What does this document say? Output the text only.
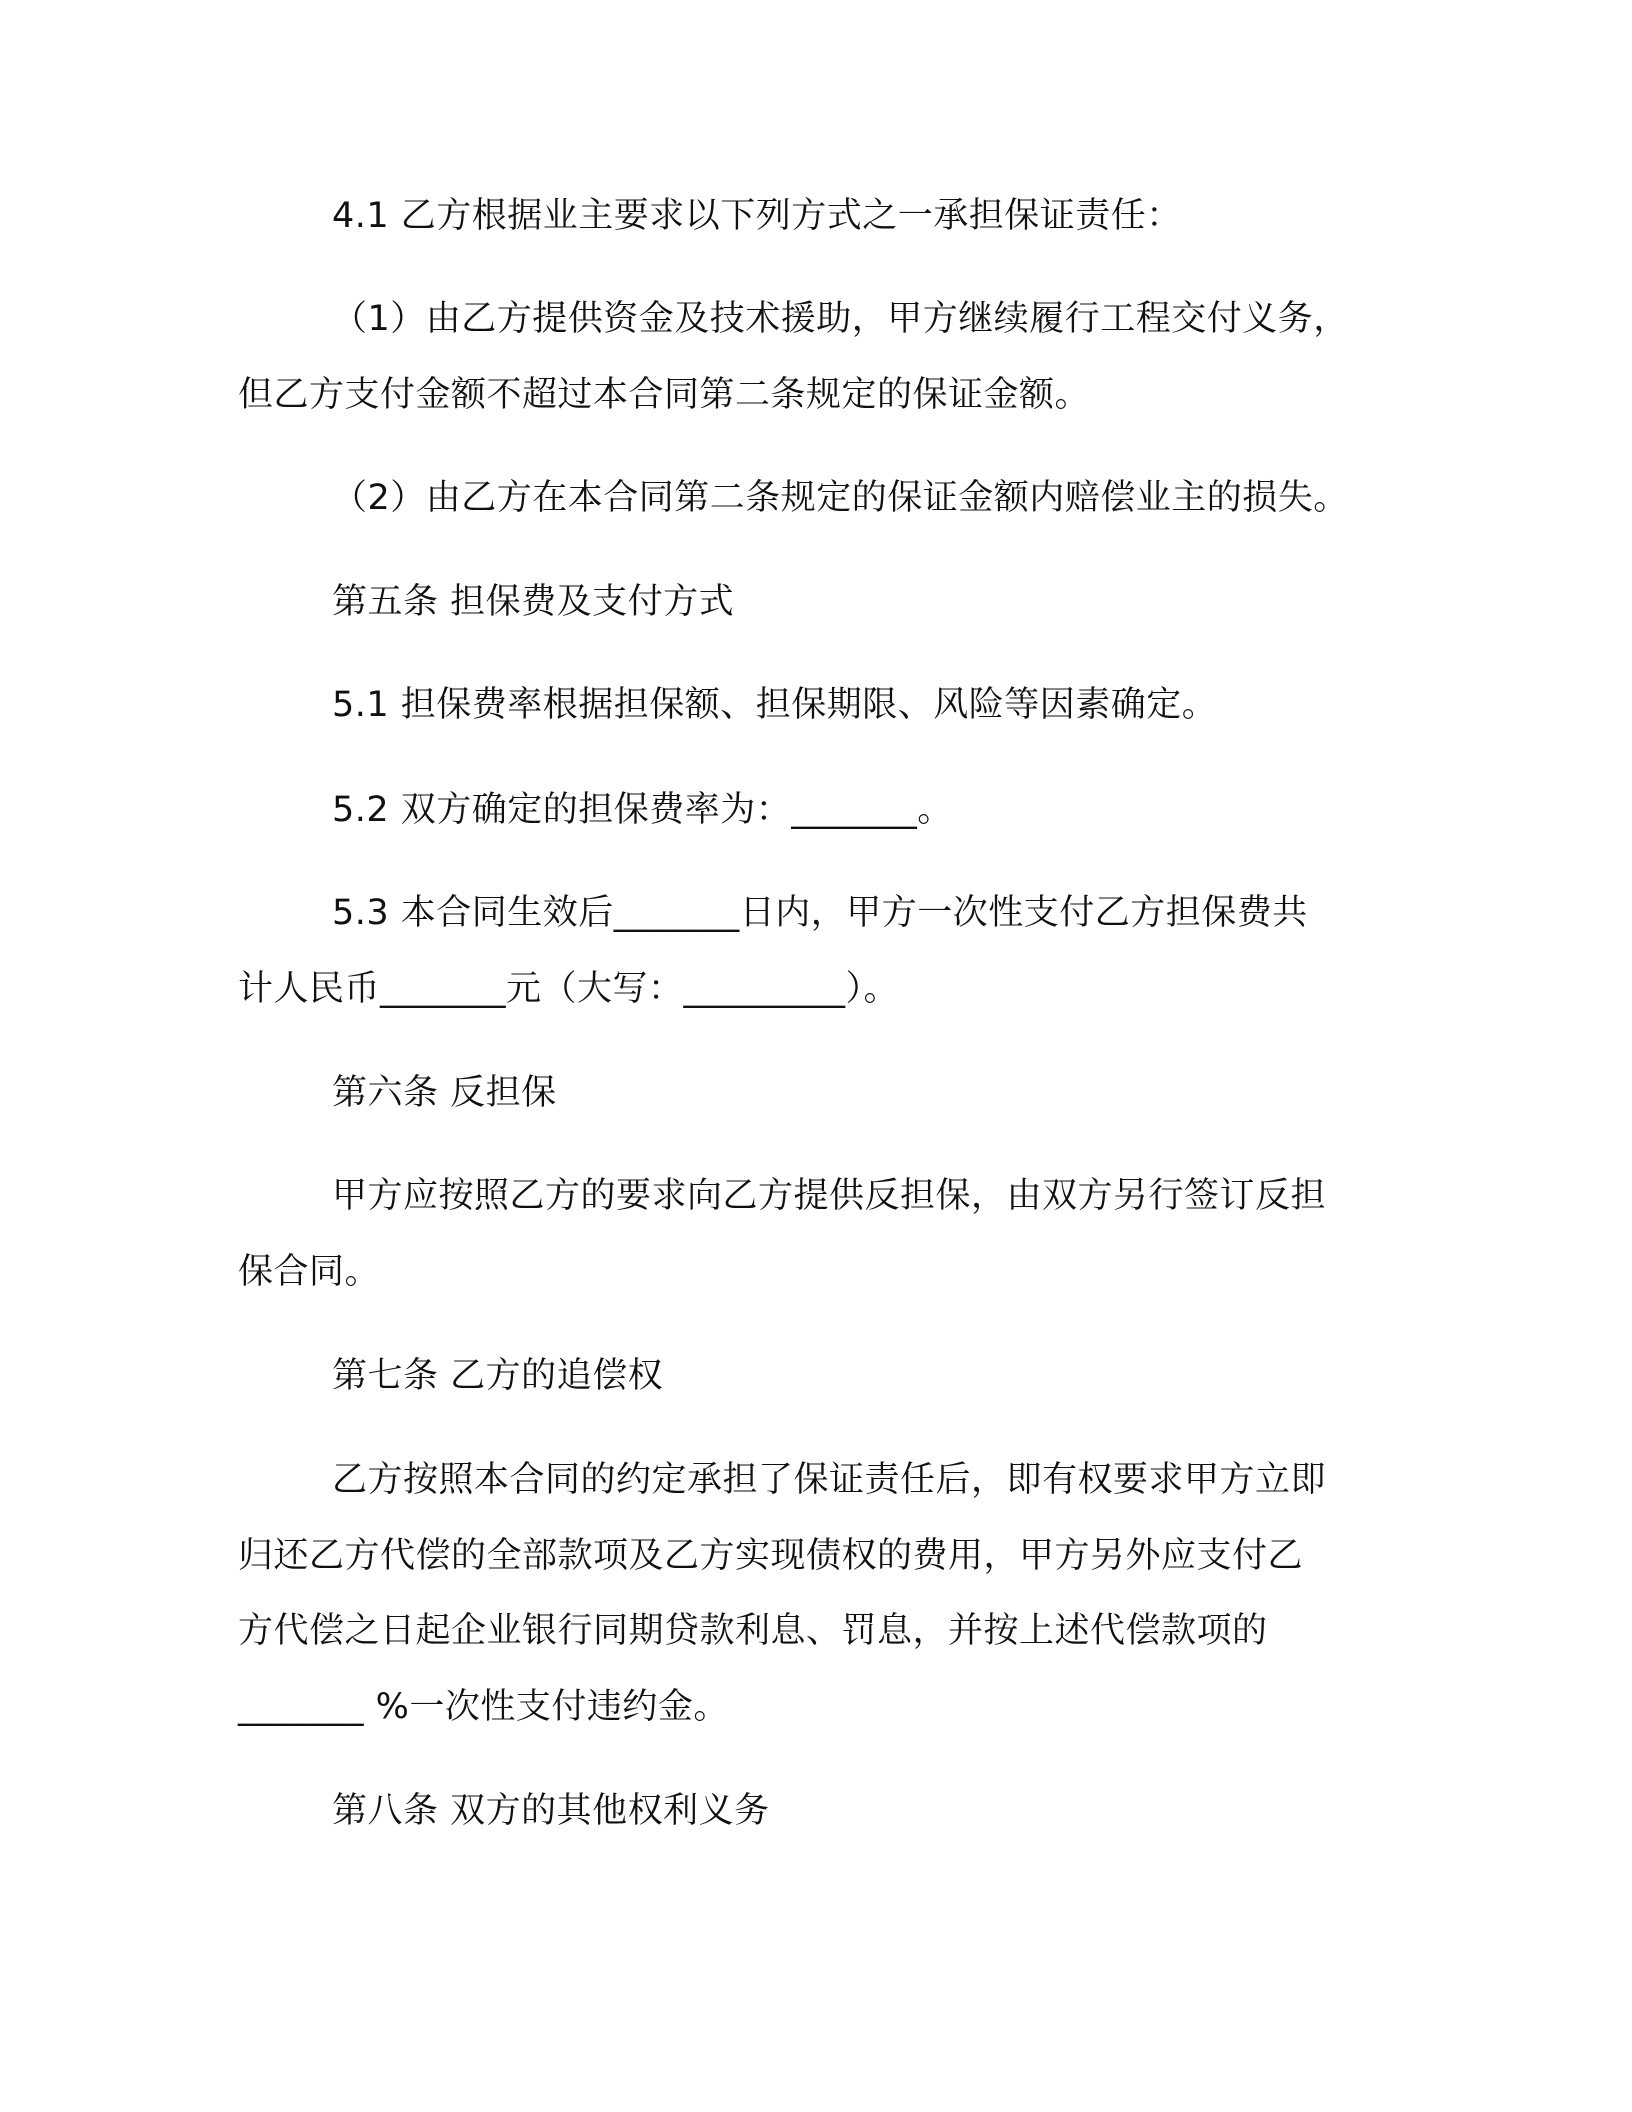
4.1 乙方根据业主要求以下列方式之一承担保证责任：
（1）由乙方提供资金及技术援助，甲方继续履行工程交付义务，
但乙方支付金额不超过本合同第二条规定的保证金额。
（2）由乙方在本合同第二条规定的保证金额内赔偿业主的损失。
第五条 担保费及支付方式
5.1 担保费率根据担保额、担保期限、风险等因素确定。
5.2 双方确定的担保费率为：_______。
5.3 本合同生效后_______日内，甲方一次性支付乙方担保费共
计人民币_______元（大写：_________）。
第六条 反担保
甲方应按照乙方的要求向乙方提供反担保，由双方另行签订反担
保合同。
第七条 乙方的追偿权
乙方按照本合同的约定承担了保证责任后，即有权要求甲方立即
归还乙方代偿的全部款项及乙方实现债权的费用，甲方另外应支付乙
方代偿之日起企业银行同期贷款利息、罚息，并按上述代偿款项的
_______ %一次性支付违约金。
第八条 双方的其他权利义务
